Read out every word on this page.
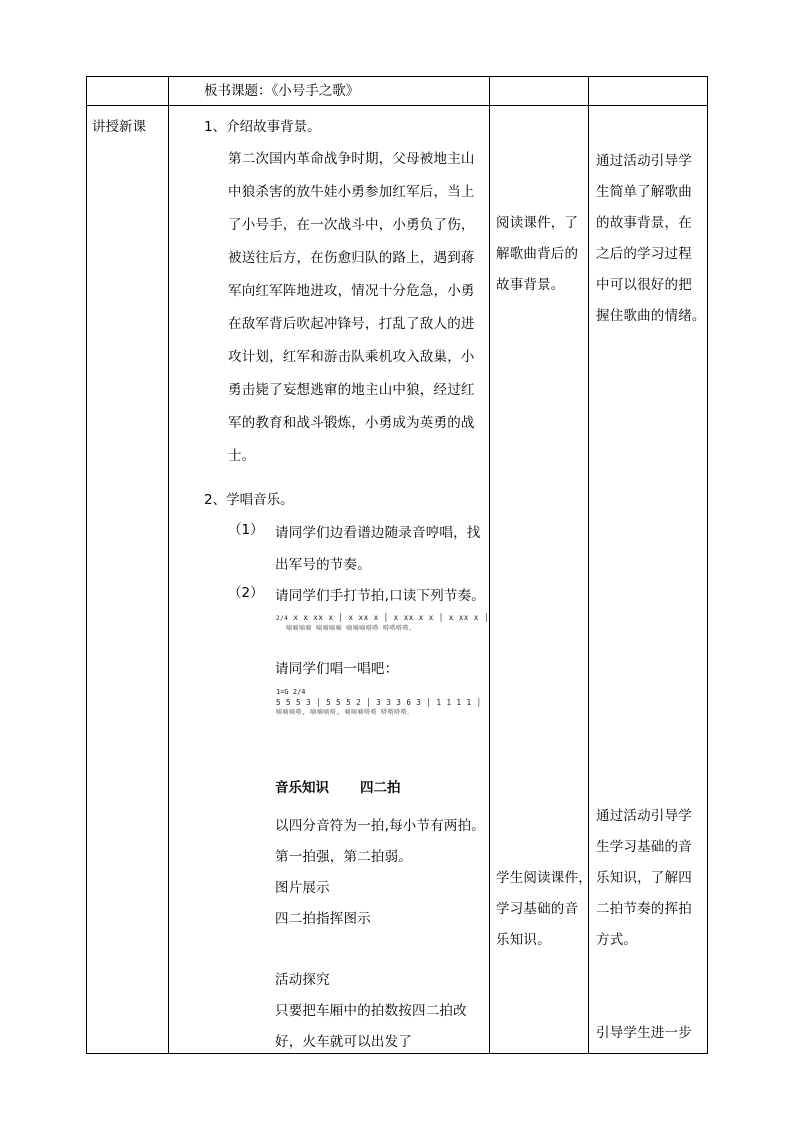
板书课题：《小号手之歌》
讲授新课	1、介绍故事背景。
第二次国内革命战争时期，父母被地主山
中狼杀害的放牛娃小勇参加红军后，当上
了小号手，在一次战斗中，小勇负了伤，
被送往后方，在伤愈归队的路上，遇到蒋
军向红军阵地进攻，情况十分危急，小勇
在敌军背后吹起冲锋号，打乱了敌人的进
攻计划，红军和游击队乘机攻入敌巢，小
勇击毙了妄想逃窜的地主山中狼，经过红
军的教育和战斗锻炼，小勇成为英勇的战
士。
2、学唱音乐。
（1） 请同学们边看谱边随录音哼唱，找
出军号的节奏。
（2） 请同学们手打节拍,口读下列节奏。
2/4 x x xx x │ x xx x │ x xx x x │ x xx x │
嘀嘀嘀嘀 嘀嘀嘀嘀 嘀嘀嘀嗒嗒 嗒嗒嗒嗒。
请同学们唱一唱吧：
1=G 2/4
5 5 5 3 │ 5 5 5 2 │ 3 3 3 6 3 │ 1 1 1 1 │
嘀嘀嘀嗒, 嘀嘀嘀嗒, 嘀嘀嘀嗒嗒 嗒嗒嗒嗒。
音乐知识 四二拍
以四分音符为一拍,每小节有两拍。
第一拍强，第二拍弱。
图片展示
四二拍指挥图示
活动探究
只要把车厢中的拍数按四二拍改
好，火车就可以出发了
阅读课件，了
解歌曲背后的
故事背景。
学生阅读课件，
学习基础的音
乐知识。
通过活动引导学
生简单了解歌曲
的故事背景，在
之后的学习过程
中可以很好的把
握住歌曲的情绪。
通过活动引导学
生学习基础的音
乐知识，了解四
二拍节奏的挥拍
方式。
引导学生进一步
